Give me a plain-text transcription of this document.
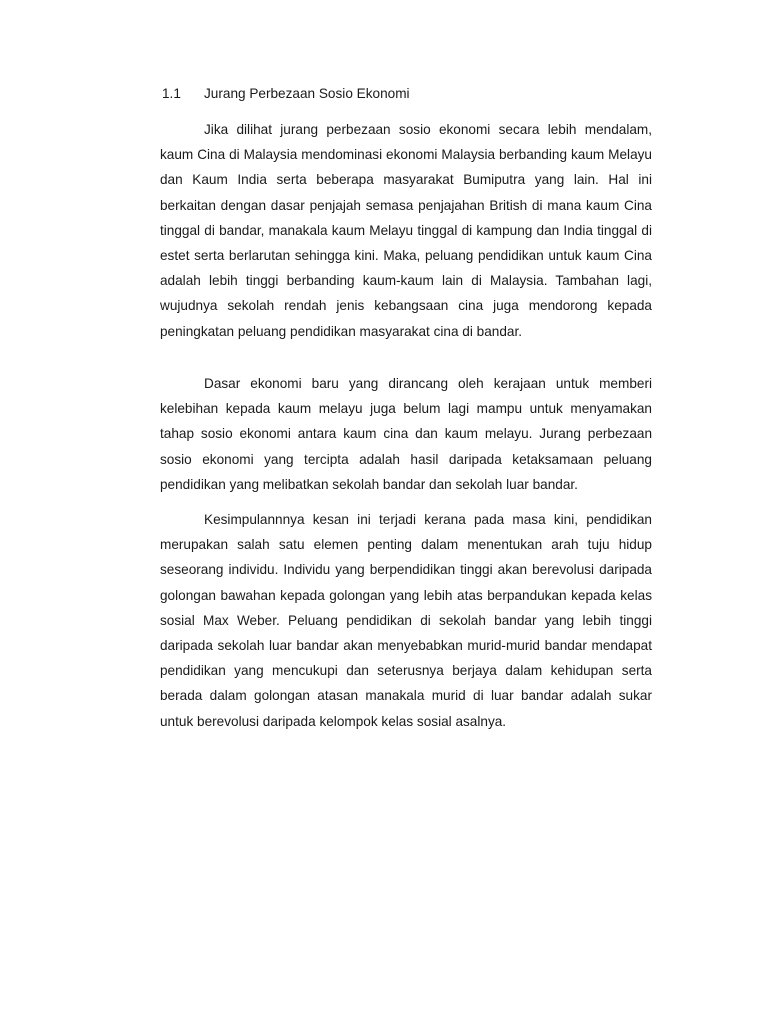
1.1 Jurang Perbezaan Sosio Ekonomi

Jika dilihat jurang perbezaan sosio ekonomi secara lebih mendalam, kaum Cina di Malaysia mendominasi ekonomi Malaysia berbanding kaum Melayu dan Kaum India serta beberapa masyarakat Bumiputra yang lain. Hal ini berkaitan dengan dasar penjajah semasa penjajahan British di mana kaum Cina tinggal di bandar, manakala kaum Melayu tinggal di kampung dan India tinggal di estet serta berlarutan sehingga kini. Maka, peluang pendidikan untuk kaum Cina adalah lebih tinggi berbanding kaum-kaum lain di Malaysia. Tambahan lagi, wujudnya sekolah rendah jenis kebangsaan cina juga mendorong kepada peningkatan peluang pendidikan masyarakat cina di bandar.

Dasar ekonomi baru yang dirancang oleh kerajaan untuk memberi kelebihan kepada kaum melayu juga belum lagi mampu untuk menyamakan tahap sosio ekonomi antara kaum cina dan kaum melayu. Jurang perbezaan sosio ekonomi yang tercipta adalah hasil daripada ketaksamaan peluang pendidikan yang melibatkan sekolah bandar dan sekolah luar bandar.

Kesimpulannnya kesan ini terjadi kerana pada masa kini, pendidikan merupakan salah satu elemen penting dalam menentukan arah tuju hidup seseorang individu. Individu yang berpendidikan tinggi akan berevolusi daripada golongan bawahan kepada golongan yang lebih atas berpandukan kepada kelas sosial Max Weber. Peluang pendidikan di sekolah bandar yang lebih tinggi daripada sekolah luar bandar akan menyebabkan murid-murid bandar mendapat pendidikan yang mencukupi dan seterusnya berjaya dalam kehidupan serta berada dalam golongan atasan manakala murid di luar bandar adalah sukar untuk berevolusi daripada kelompok kelas sosial asalnya.
